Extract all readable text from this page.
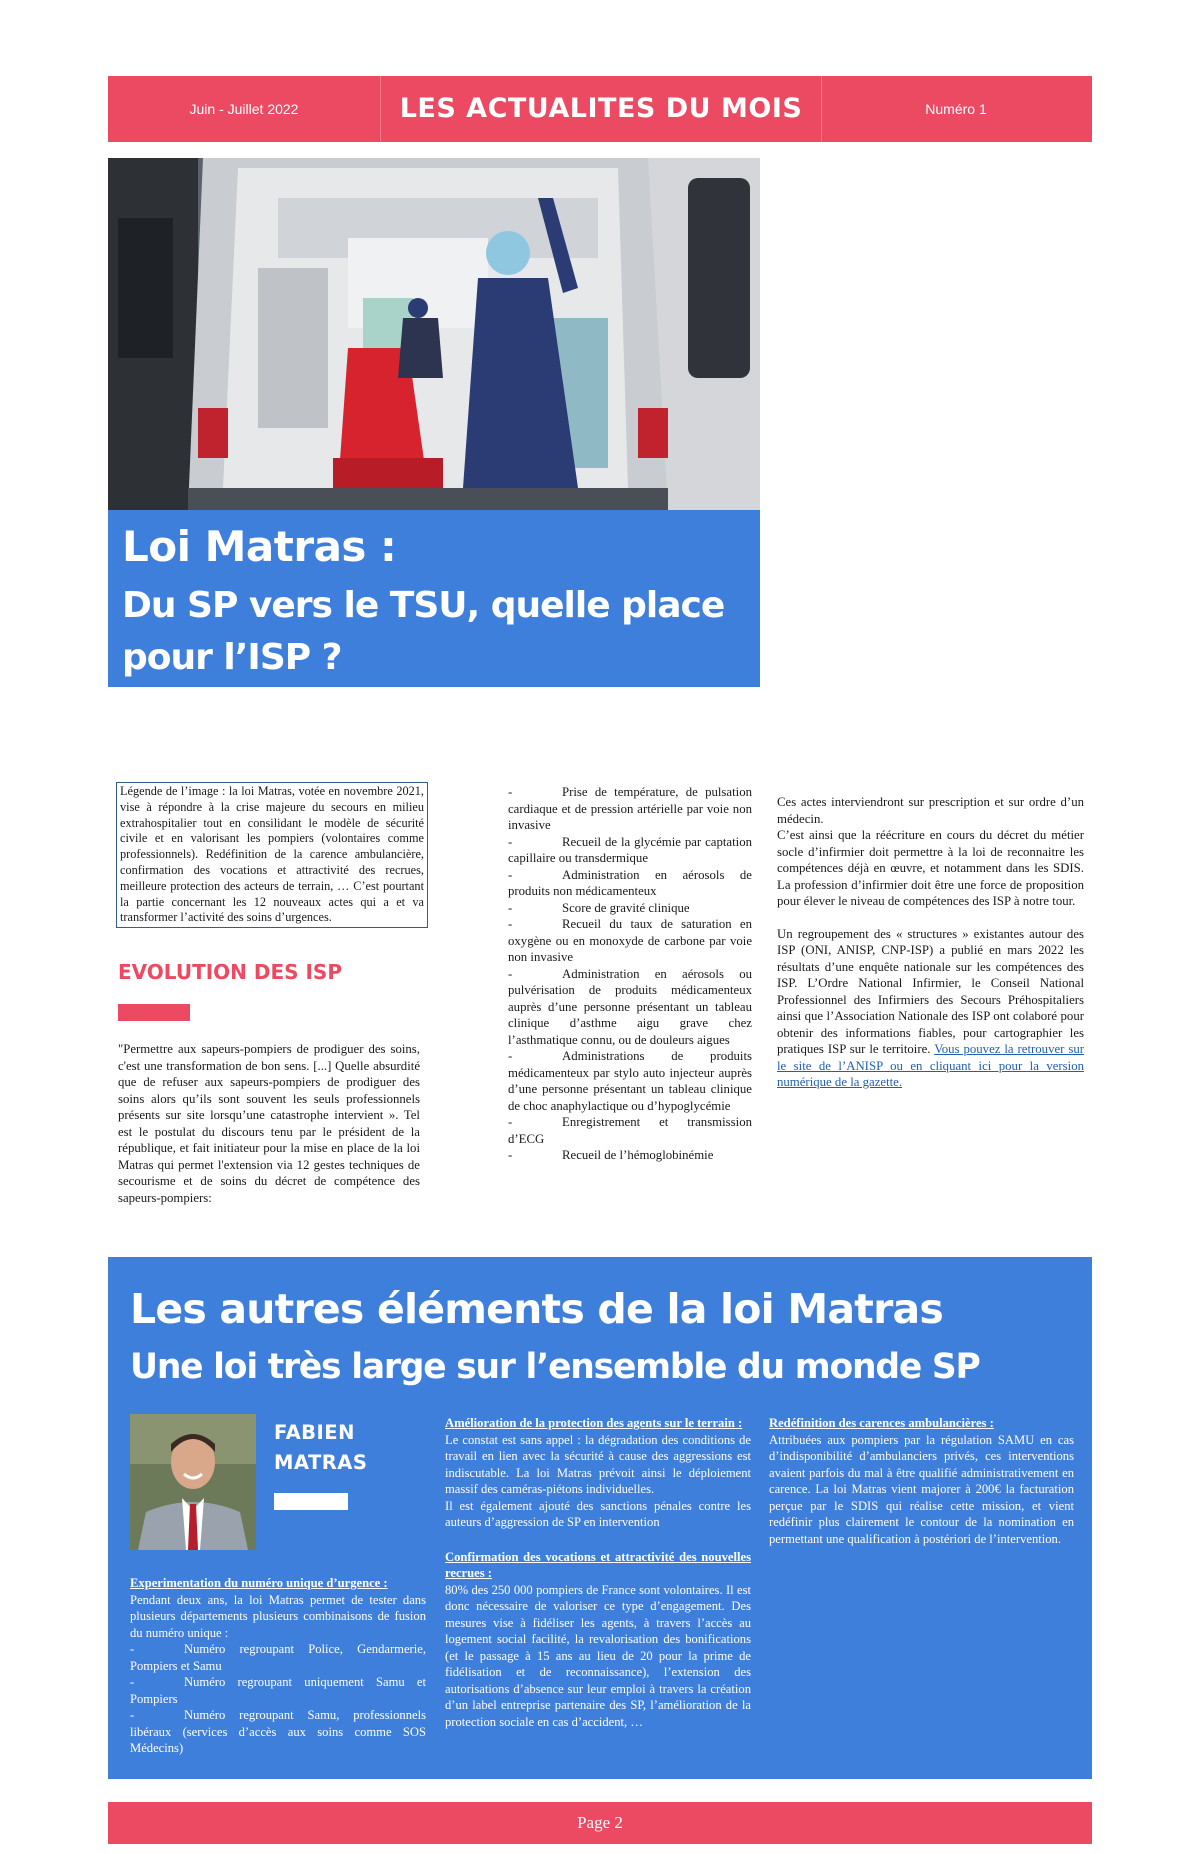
Juin - Juillet 2022	LES ACTUALITES DU MOIS	Numéro 1
Loi Matras :
Du SP vers le TSU, quelle place pour l’ISP ?
Légende de l’image : la loi Matras, votée en novembre 2021, vise à répondre à la crise majeure du secours en milieu extrahospitalier tout en consilidant le modèle de sécurité civile et en valorisant les pompiers (volontaires comme professionnels). Redéfinition de la carence ambulancière, confirmation des vocations et attractivité des recrues, meilleure protection des acteurs de terrain, … C’est pourtant la partie concernant les 12 nouveaux actes qui a et va transformer l’activité des soins d’urgences.
EVOLUTION DES ISP
"Permettre aux sapeurs-pompiers de prodiguer des soins, c'est une transformation de bon sens. [...] Quelle absurdité que de refuser aux sapeurs-pompiers de prodiguer des soins alors qu’ils sont souvent les seuls professionnels présents sur site lorsqu’une catastrophe intervient ». Tel est le postulat du discours tenu par le président de la république, et fait initiateur pour la mise en place de la loi Matras qui permet l'extension via 12 gestes techniques de secourisme et de soins du décret de compétence des sapeurs-pompiers:

-	Prise de température, de pulsation cardiaque et de pression artérielle par voie non invasive

-	Recueil de la glycémie par captation capillaire ou transdermique

-	Administration en aérosols de produits non médicamenteux

-	Score de gravité clinique

-	Recueil du taux de saturation en oxygène ou en monoxyde de carbone par voie non invasive

-	Administration en aérosols ou pulvérisation de produits médicamenteux auprès d’une personne présentant un tableau clinique d’asthme aigu grave chez l’asthmatique connu, ou de douleurs aigues

-	Administrations de produits médicamenteux par stylo auto injecteur auprès d’une personne présentant un tableau clinique de choc anaphylactique ou d’hypoglycémie

-	Enregistrement et transmission d’ECG

-	Recueil de l’hémoglobinémie

Ces actes interviendront sur prescription et sur ordre d’un médecin.

C’est ainsi que la réécriture en cours du décret du métier socle d’infirmier doit permettre à la loi de reconnaitre les compétences déjà en œuvre, et notamment dans les SDIS. La profession d’infirmier doit être une force de proposition pour élever le niveau de compétences des ISP à notre tour.

Un regroupement des « structures » existantes autour des ISP (ONI, ANISP, CNP-ISP) a publié en mars 2022 les résultats d’une enquête nationale sur les compétences des ISP. L’Ordre National Infirmier, le Conseil National Professionnel des Infirmiers des Secours Préhospitaliers ainsi que l’Association Nationale des ISP ont colaboré pour obtenir des informations fiables, pour cartographier les pratiques ISP sur le territoire. Vous pouvez la retrouver sur le site de l’ANISP ou en cliquant ici pour la version numérique de la gazette.

Les autres éléments de la loi Matras
Une loi très large sur l’ensemble du monde SP
FABIEN
MATRAS
Experimentation du numéro unique d’urgence :
Pendant deux ans, la loi Matras permet de tester dans plusieurs départements plusieurs combinaisons de fusion du numéro unique :

-	Numéro regroupant Police, Gendarmerie, Pompiers et Samu

-	Numéro regroupant uniquement Samu et Pompiers

-	Numéro regroupant Samu, professionnels libéraux (services d’accès aux soins comme SOS Médecins)

Amélioration de la protection des agents sur le terrain :
Le constat est sans appel : la dégradation des conditions de travail en lien avec la sécurité à cause des aggressions est indiscutable. La loi Matras prévoit ainsi le déploiement massif des caméras-piétons individuelles.
Il est également ajouté des sanctions pénales contre les auteurs d’aggression de SP en intervention
Confirmation des vocations et attractivité des nouvelles recrues :
80% des 250 000 pompiers de France sont volontaires. Il est donc nécessaire de valoriser ce type d’engagement. Des mesures vise à fidéliser les agents, à travers l’accès au logement social facilité, la revalorisation des bonifications (et le passage à 15 ans au lieu de 20 pour la prime de fidélisation et de reconnaissance), l’extension des autorisations d’absence sur leur emploi à travers la création d’un label entreprise partenaire des SP, l’amélioration de la protection sociale en cas d’accident, …
Redéfinition des carences ambulancières :
Attribuées aux pompiers par la régulation SAMU en cas d’indisponibilité d’ambulanciers privés, ces interventions avaient parfois du mal à être qualifié administrativement en carence. La loi Matras vient majorer à 200€ la facturation perçue par le SDIS qui réalise cette mission, et vient redéfinir plus clairement le contour de la nomination en permettant une qualification à postériori de l’intervention.
Page 2
